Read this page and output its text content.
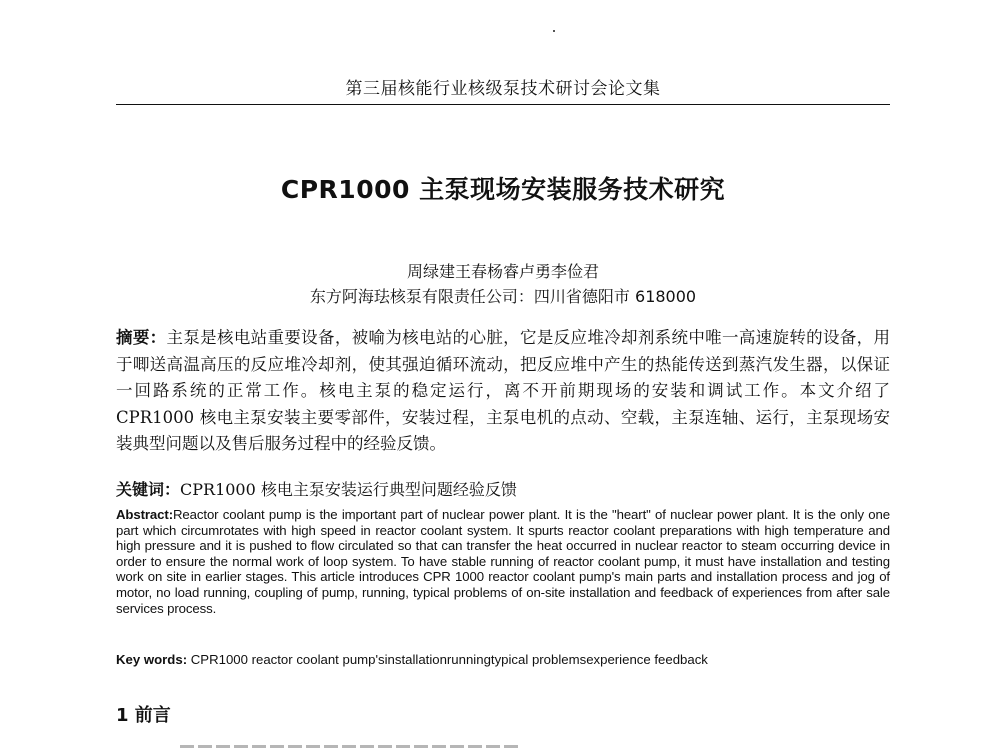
第三届核能行业核级泵技术研讨会论文集
CPR1000 主泵现场安装服务技术研究
周绿建王春杨睿卢勇李俭君
东方阿海珐核泵有限责任公司：四川省德阳市 618000
摘要：主泵是核电站重要设备，被喻为核电站的心脏，它是反应堆冷却剂系统中唯一高速旋转的设备，用于唧送高温高压的反应堆冷却剂，使其强迫循环流动，把反应堆中产生的热能传送到蒸汽发生器，以保证一回路系统的正常工作。核电主泵的稳定运行，离不开前期现场的安装和调试工作。本文介绍了 CPR1000 核电主泵安装主要零部件，安装过程，主泵电机的点动、空载，主泵连轴、运行，主泵现场安装典型问题以及售后服务过程中的经验反馈。
关键词：CPR1000 核电主泵安装运行典型问题经验反馈
Abstract:Reactor coolant pump is the important part of nuclear power plant. It is the "heart" of nuclear power plant. It is the only one part which circumrotates with high speed in reactor coolant system. It spurts reactor coolant preparations with high temperature and high pressure and it is pushed to flow circulated so that can transfer the heat occurred in nuclear reactor to steam occurring device in order to ensure the normal work of loop system. To have stable running of reactor coolant pump, it must have installation and testing work on site in earlier stages. This article introduces CPR 1000 reactor coolant pump's main parts and installation process and jog of motor, no load running, coupling of pump, running, typical problems of on-site installation and feedback of experiences from after sale services process.
Key words: CPR1000 reactor coolant pump'sinstallationrunningtypical problemsexperience feedback
1 前言
